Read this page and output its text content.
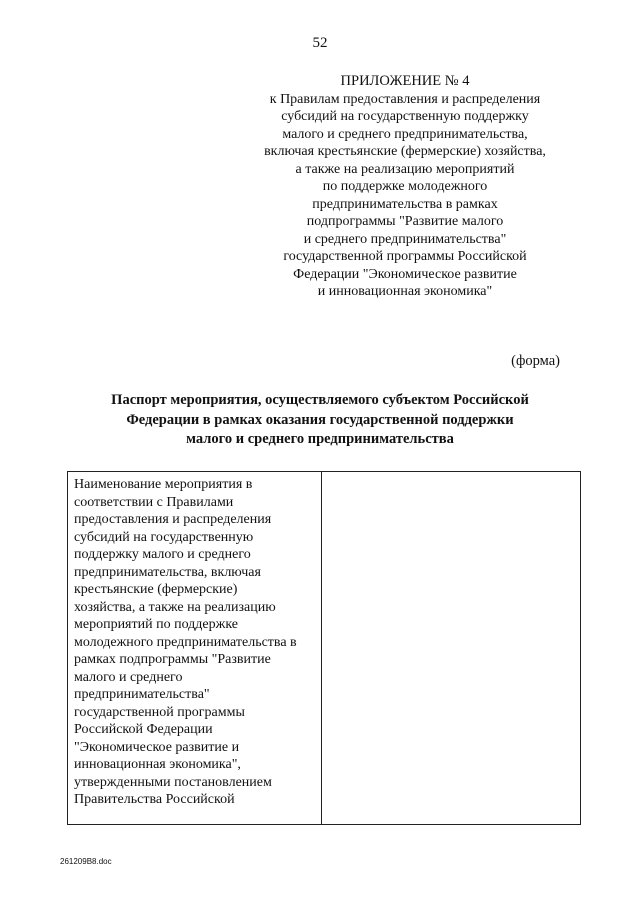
52
ПРИЛОЖЕНИЕ № 4
к Правилам предоставления и распределения
субсидий на государственную поддержку
малого и среднего предпринимательства,
включая крестьянские (фермерские) хозяйства,
а также на реализацию мероприятий
по поддержке молодежного
предпринимательства в рамках
подпрограммы "Развитие малого
и среднего предпринимательства"
государственной программы Российской
Федерации "Экономическое развитие
и инновационная экономика"
(форма)
Паспорт мероприятия, осуществляемого субъектом Российской
Федерации в рамках оказания государственной поддержки
малого и среднего предпринимательства
Наименование мероприятия в
соответствии с Правилами
предоставления и распределения
субсидий на государственную
поддержку малого и среднего
предпринимательства, включая
крестьянские (фермерские)
хозяйства, а также на реализацию
мероприятий по поддержке
молодежного предпринимательства в
рамках подпрограммы "Развитие
малого и среднего
предпринимательства"
государственной программы
Российской Федерации
"Экономическое развитие и
инновационная экономика",
утвержденными постановлением
Правительства Российской
261209B8.doc
